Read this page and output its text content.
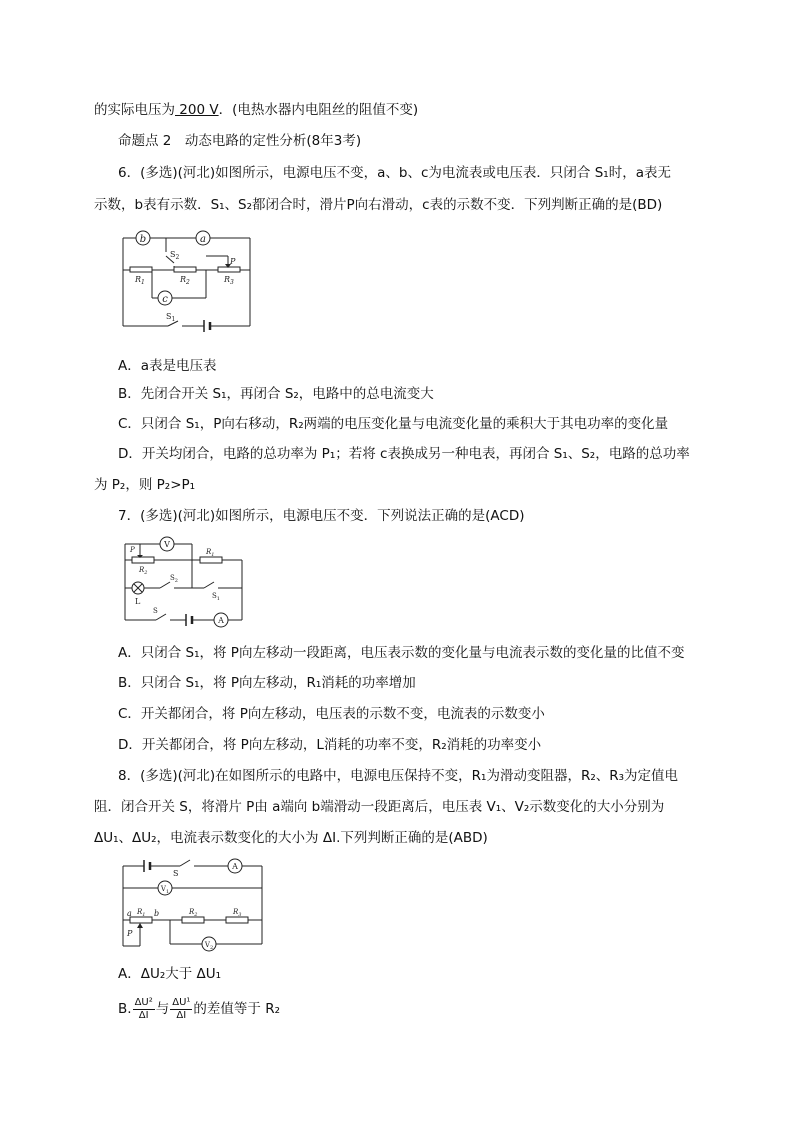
的实际电压为 200 V．(电热水器内电阻丝的阻值不变)
命题点 2　动态电路的定性分析(8年3考)
6．(多选)(河北)如图所示，电源电压不变，a、b、c为电流表或电压表．只闭合 S₁时，a表无
示数，b表有示数．S₁、S₂都闭合时，滑片P向右滑动，c表的示数不变．下列判断正确的是(BD)
b	a
c
$S_2$	P
$R_1$	$R_2$	$R_3$
$S_1$
A．a表是电压表
B．先闭合开关 S₁，再闭合 S₂，电路中的总电流变大
C．只闭合 S₁，P向右移动，R₂两端的电压变化量与电流变化量的乘积大于其电功率的变化量
D．开关均闭合，电路的总功率为 P₁；若将 c表换成另一种电表，再闭合 S₁、S₂，电路的总功率
为 P₂，则 P₂>P₁
7．(多选)(河北)如图所示，电源电压不变．下列说法正确的是(ACD)
V
P
$R_2$
$R_1$
$S_2$
$S_1$
L
S
A
A．只闭合 S₁，将 P向左移动一段距离，电压表示数的变化量与电流表示数的变化量的比值不变
B．只闭合 S₁，将 P向左移动，R₁消耗的功率增加
C．开关都闭合，将 P向左移动，电压表的示数不变，电流表的示数变小
D．开关都闭合，将 P向左移动，L消耗的功率不变，R₂消耗的功率变小
8．(多选)(河北)在如图所示的电路中，电源电压保持不变，R₁为滑动变阻器，R₂、R₃为定值电
阻．闭合开关 S，将滑片 P由 a端向 b端滑动一段距离后，电压表 V₁、V₂示数变化的大小分别为
ΔU₁、ΔU₂，电流表示数变化的大小为 ΔI.下列判断正确的是(ABD)
S
A
$V_1$
$R_1$	$R_2$	$R_3$
a	b
P
$V_2$
A．ΔU₂大于 ΔU₁
B. $\frac{\text{ΔU²}}{\Delta I}$ 与 $\frac{\text{ΔU¹}}{\Delta I}$ 的差值等于 R₂
